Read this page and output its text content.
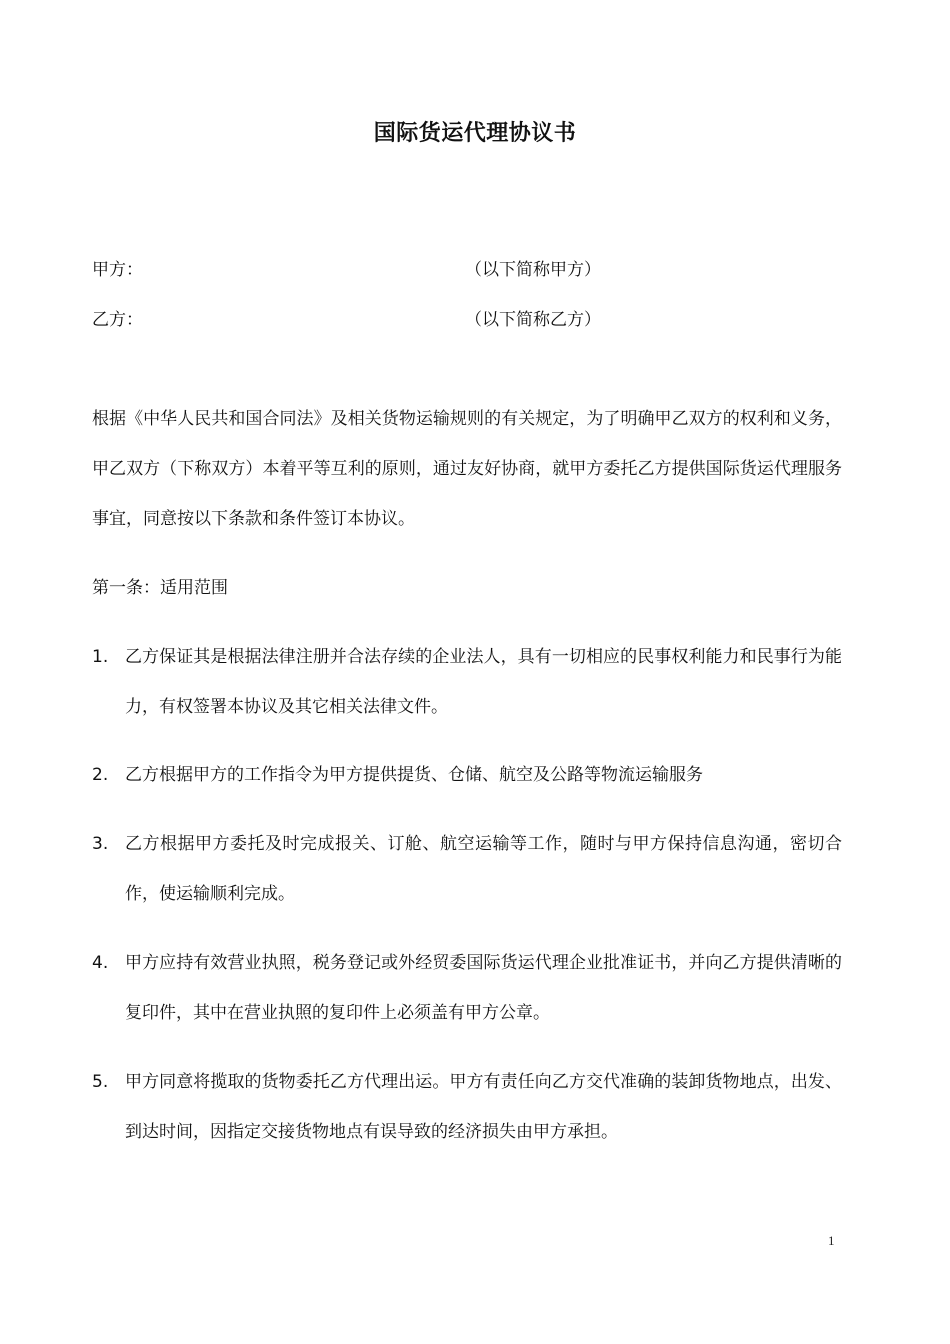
国际货运代理协议书
甲方：	（以下简称甲方）
乙方：	（以下简称乙方）
根据《中华人民共和国合同法》及相关货物运输规则的有关规定，为了明确甲乙双方的权利和义务，甲乙双方（下称双方）本着平等互利的原则，通过友好协商，就甲方委托乙方提供国际货运代理服务事宜，同意按以下条款和条件签订本协议。
第一条：适用范围
1. 乙方保证其是根据法律注册并合法存续的企业法人，具有一切相应的民事权利能力和民事行为能力，有权签署本协议及其它相关法律文件。
2. 乙方根据甲方的工作指令为甲方提供提货、仓储、航空及公路等物流运输服务
3. 乙方根据甲方委托及时完成报关、订舱、航空运输等工作，随时与甲方保持信息沟通，密切合作，使运输顺利完成。
4. 甲方应持有效营业执照，税务登记或外经贸委国际货运代理企业批准证书，并向乙方提供清晰的复印件，其中在营业执照的复印件上必须盖有甲方公章。
5. 甲方同意将揽取的货物委托乙方代理出运。甲方有责任向乙方交代准确的装卸货物地点，出发、到达时间，因指定交接货物地点有误导致的经济损失由甲方承担。
1
